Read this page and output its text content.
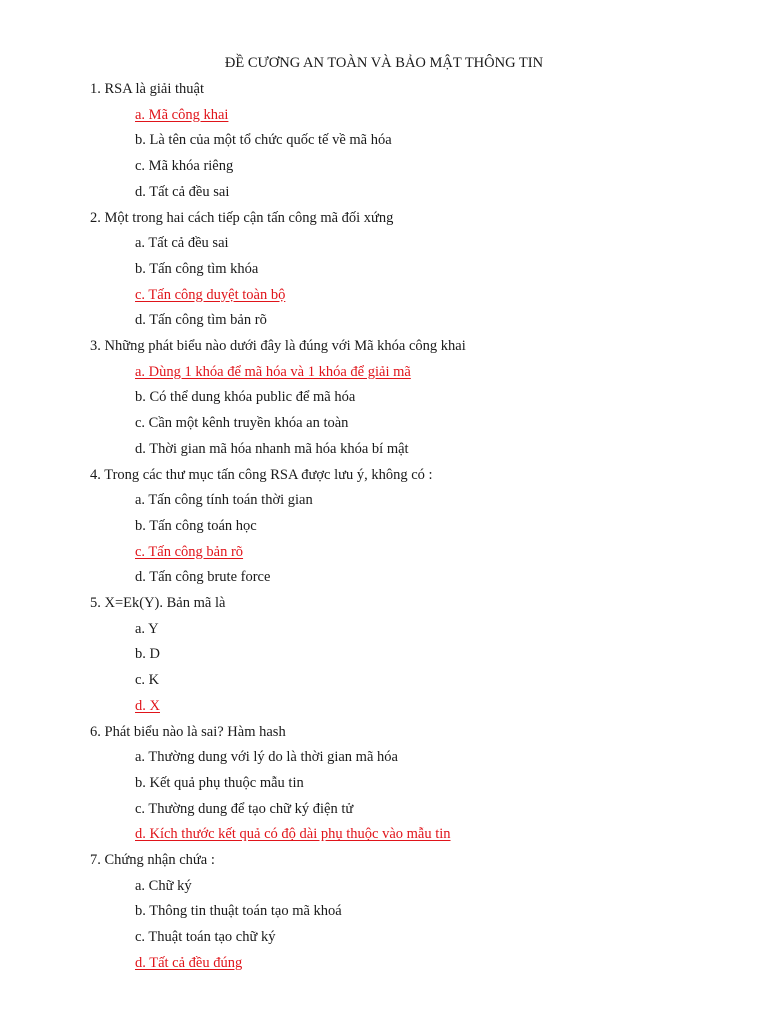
ĐỀ CƯƠNG AN TOÀN VÀ BẢO MẬT THÔNG TIN
1. RSA là giải thuật
a. Mã công khai
b. Là tên của một tổ chức quốc tế về mã hóa
c. Mã khóa riêng
d. Tất cả đều sai
2. Một trong hai cách tiếp cận tấn công mã đối xứng
a. Tất cả đều sai
b. Tấn công tìm khóa
c. Tấn công duyệt toàn bộ
d. Tấn công tìm bản rõ
3. Những phát biểu nào dưới đây là đúng với Mã khóa công khai
a. Dùng 1 khóa để mã hóa và 1 khóa để giải mã
b. Có thể dung khóa public để mã hóa
c. Cần một kênh truyền khóa an toàn
d. Thời gian mã hóa nhanh mã hóa khóa bí mật
4. Trong các thư mục tấn công RSA được lưu ý, không có :
a. Tấn công tính toán thời gian
b. Tấn công toán học
c. Tấn công bản rõ
d. Tấn công brute force
5. X=Ek(Y). Bản mã là
a. Y
b. D
c. K
d. X
6. Phát biểu nào là sai? Hàm hash
a. Thường dung với lý do là thời gian mã hóa
b. Kết quả phụ thuộc mẫu tin
c. Thường dung để tạo chữ ký điện tử
d. Kích thước kết quả có độ dài phụ thuộc vào mẫu tin
7. Chứng nhận chứa :
a. Chữ ký
b. Thông tin thuật toán tạo mã khoá
c. Thuật toán tạo chữ ký
d. Tất cả đều đúng
